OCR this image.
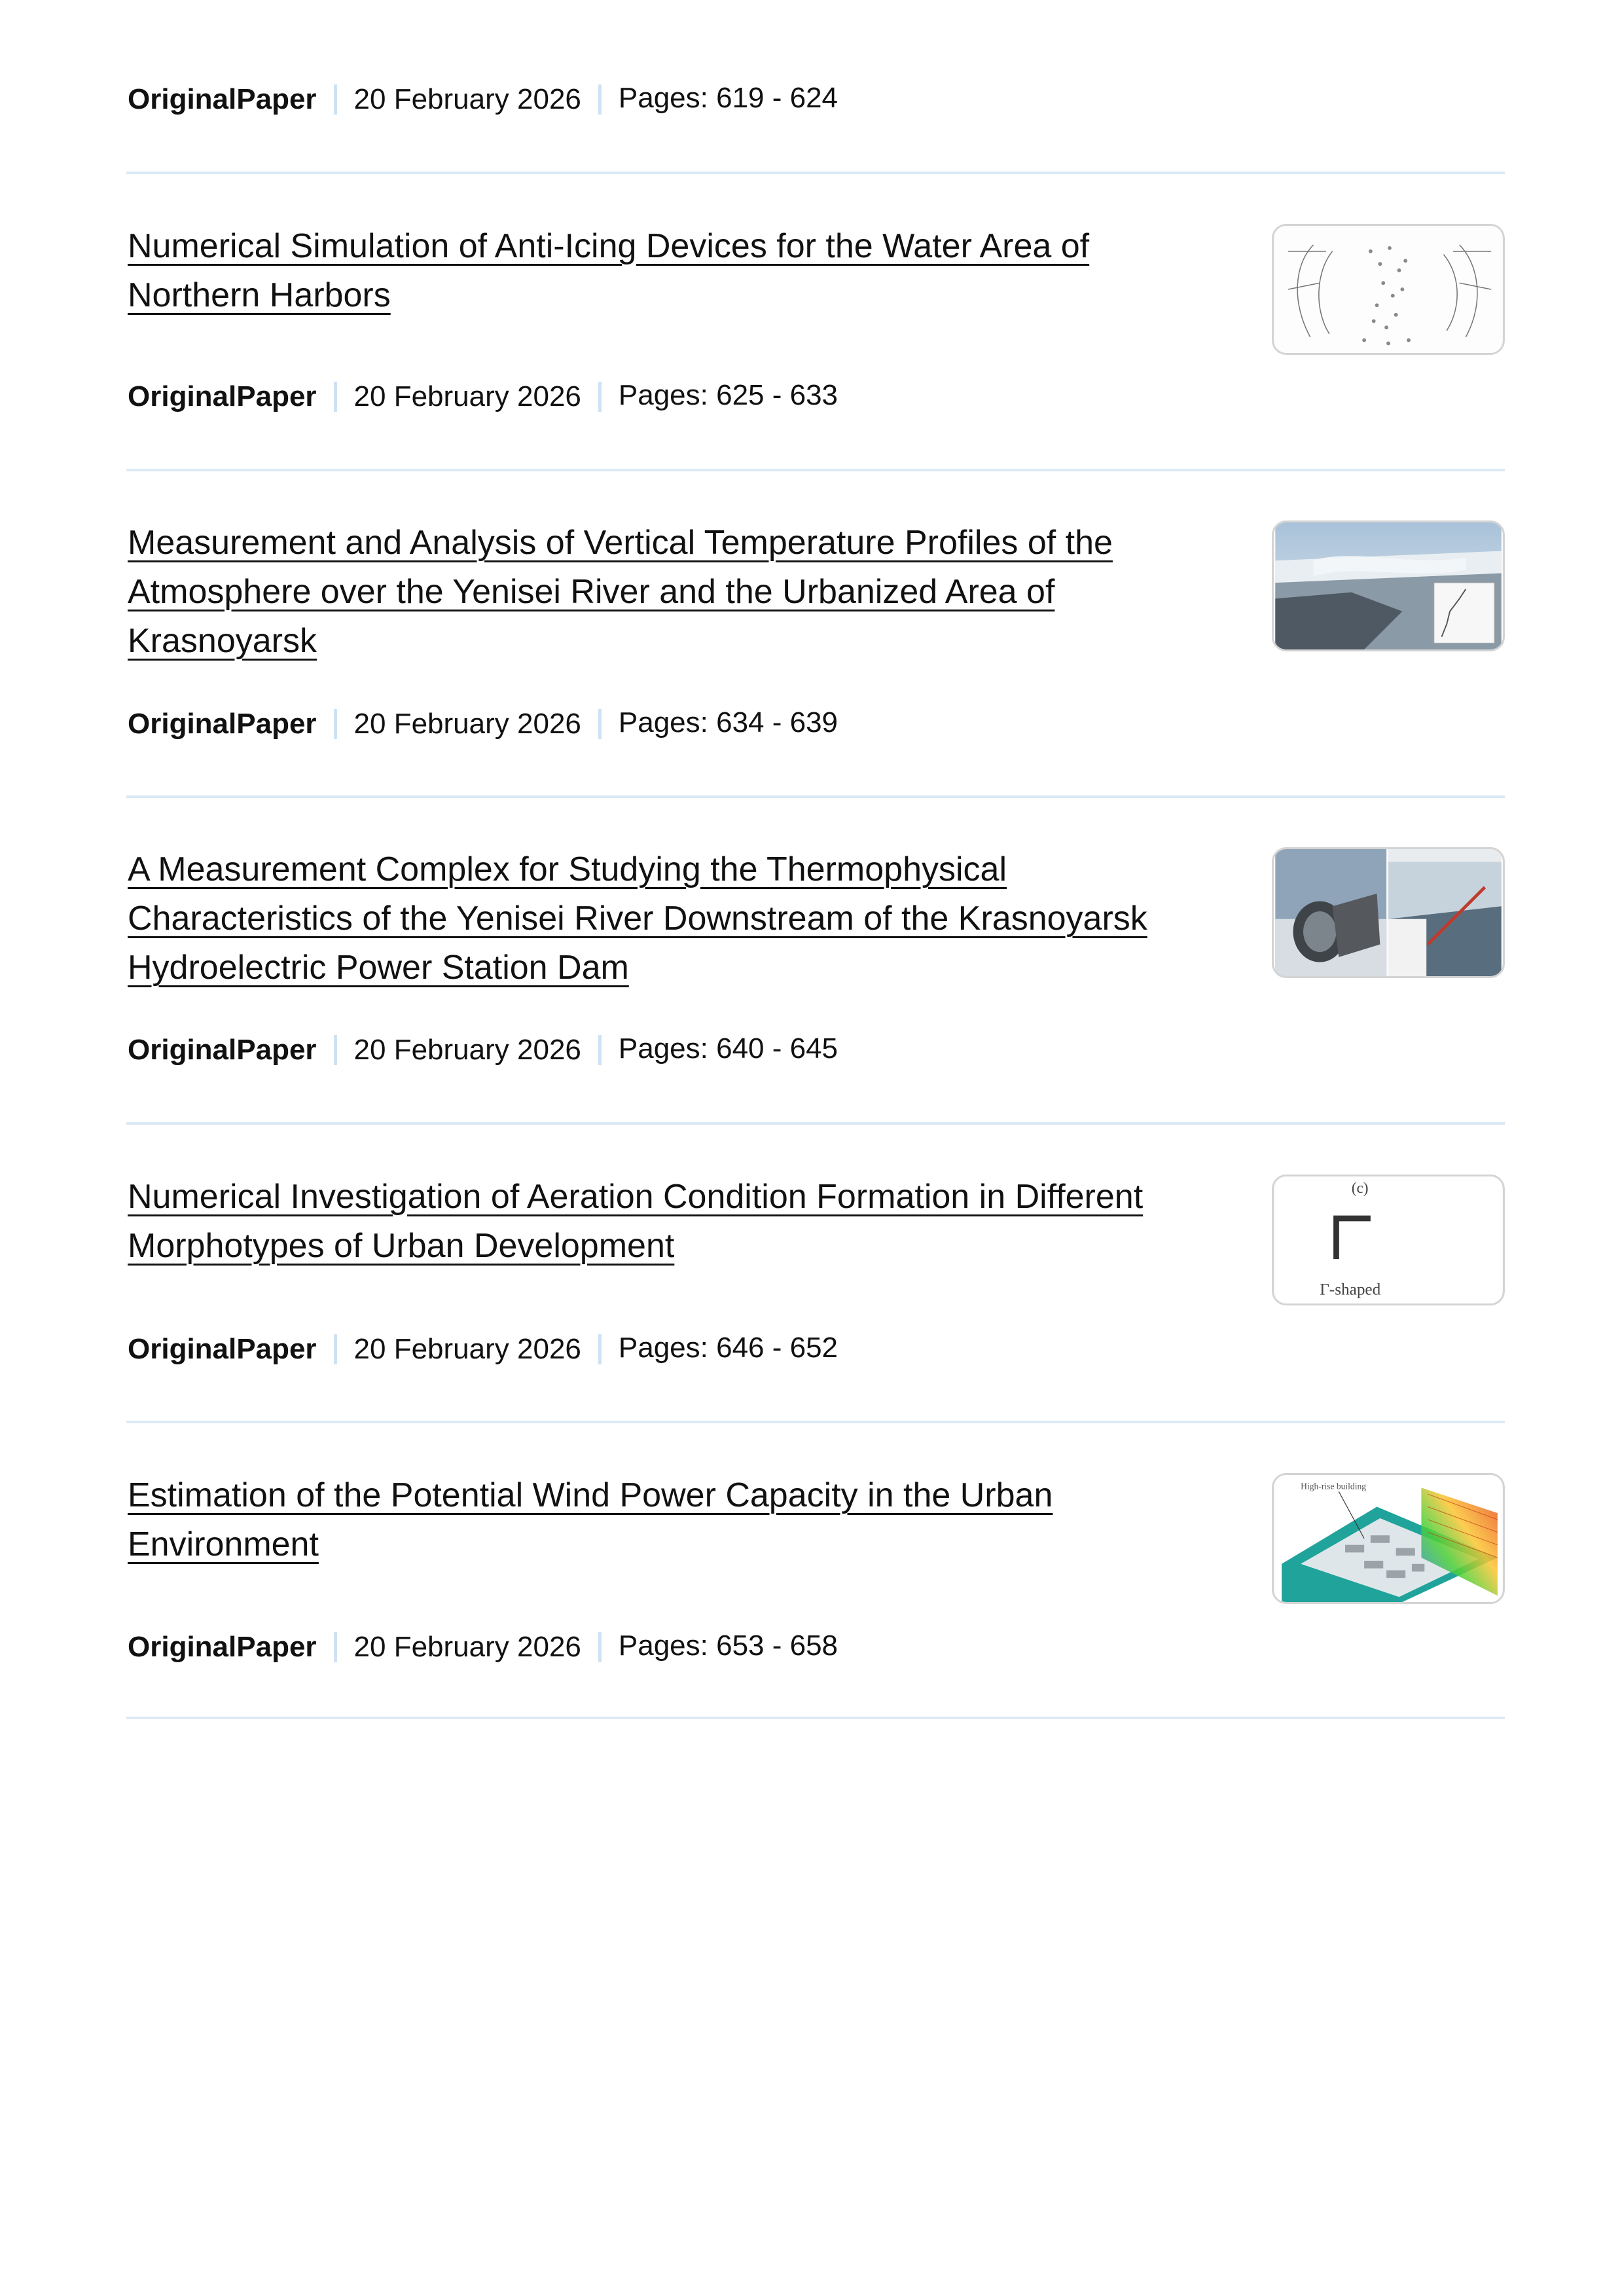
OriginalPaper 20 February 2026 Pages: 619 - 624
Numerical Simulation of Anti-Icing Devices for the Water Area of
Northern Harbors
OriginalPaper 20 February 2026 Pages: 625 - 633
Measurement and Analysis of Vertical Temperature Profiles of the
Atmosphere over the Yenisei River and the Urbanized Area of
Krasnoyarsk
OriginalPaper 20 February 2026 Pages: 634 - 639
A Measurement Complex for Studying the Thermophysical
Characteristics of the Yenisei River Downstream of the Krasnoyarsk
Hydroelectric Power Station Dam
OriginalPaper 20 February 2026 Pages: 640 - 645
Numerical Investigation of Aeration Condition Formation in Different
Morphotypes of Urban Development
(c)
Γ-shaped
OriginalPaper 20 February 2026 Pages: 646 - 652
Estimation of the Potential Wind Power Capacity in the Urban
Environment
High-rise building
OriginalPaper 20 February 2026 Pages: 653 - 658
